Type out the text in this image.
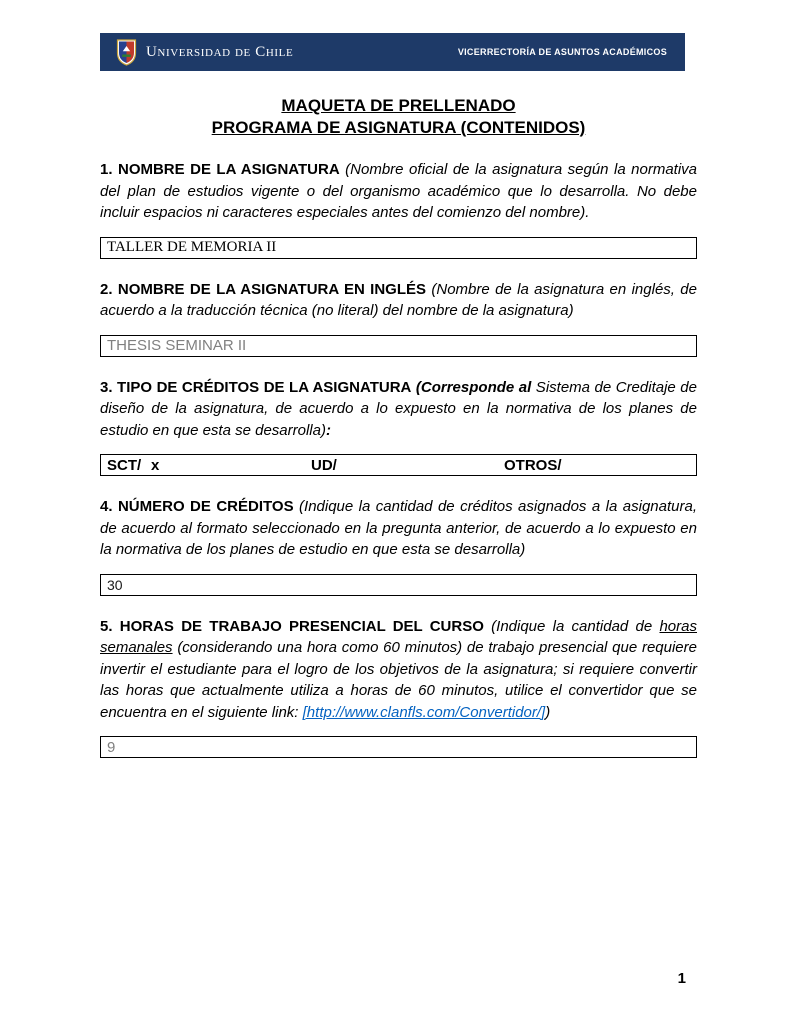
Universidad de Chile	VICERRECTORÍA DE ASUNTOS ACADÉMICOS
MAQUETA DE PRELLENADO
PROGRAMA DE ASIGNATURA (CONTENIDOS)

1. NOMBRE DE LA ASIGNATURA (Nombre oficial de la asignatura según la normativa del plan de estudios vigente o del organismo académico que lo desarrolla. No debe incluir espacios ni caracteres especiales antes del comienzo del nombre).

TALLER DE MEMORIA II

2. NOMBRE DE LA ASIGNATURA EN INGLÉS (Nombre de la asignatura en inglés, de acuerdo a la traducción técnica (no literal) del nombre de la asignatura)

THESIS SEMINAR II

3. TIPO DE CRÉDITOS DE LA ASIGNATURA (Corresponde al Sistema de Creditaje de diseño de la asignatura, de acuerdo a lo expuesto en la normativa de los planes de estudio en que esta se desarrolla):

SCT/ x	UD/	OTROS/

4. NÚMERO DE CRÉDITOS (Indique la cantidad de créditos asignados a la asignatura, de acuerdo al formato seleccionado en la pregunta anterior, de acuerdo a lo expuesto en la normativa de los planes de estudio en que esta se desarrolla)

30

5. HORAS DE TRABAJO PRESENCIAL DEL CURSO (Indique la cantidad de horas semanales (considerando una hora como 60 minutos) de trabajo presencial que requiere invertir el estudiante para el logro de los objetivos de la asignatura; si requiere convertir las horas que actualmente utiliza a horas de 60 minutos, utilice el convertidor que se encuentra en el siguiente link: [http://www.clanfls.com/Convertidor/])

9
1
